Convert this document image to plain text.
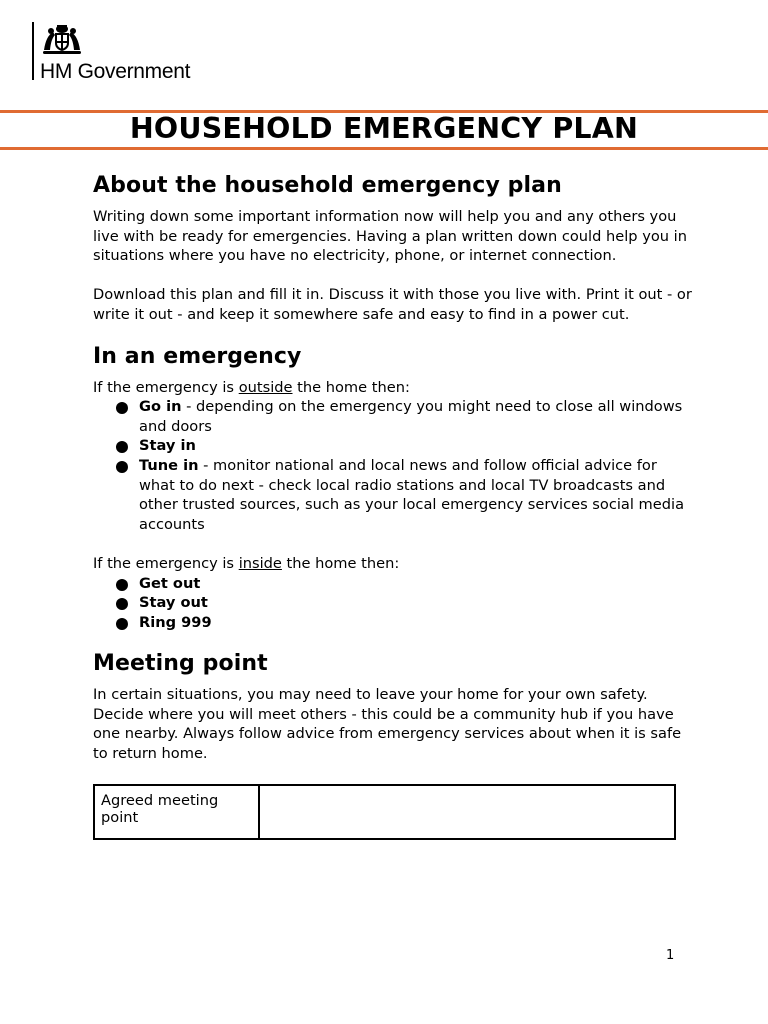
HM Government
HOUSEHOLD EMERGENCY PLAN
About the household emergency plan

Writing down some important information now will help you and any others you live with be ready for emergencies. Having a plan written down could help you in situations where you have no electricity, phone, or internet connection.

Download this plan and fill it in. Discuss it with those you live with. Print it out - or write it out - and keep it somewhere safe and easy to find in a power cut.

In an emergency

If the emergency is outside the home then:

Go in - depending on the emergency you might need to close all windows and doors
Stay in
Tune in - monitor national and local news and follow official advice for what to do next - check local radio stations and local TV broadcasts and other trusted sources, such as your local emergency services social media accounts

If the emergency is inside the home then:

Get out
Stay out
Ring 999
Meeting point

In certain situations, you may need to leave your home for your own safety. Decide where you will meet others - this could be a community hub if you have one nearby. Always follow advice from emergency services about when it is safe to return home.

Agreed meeting point	
1
